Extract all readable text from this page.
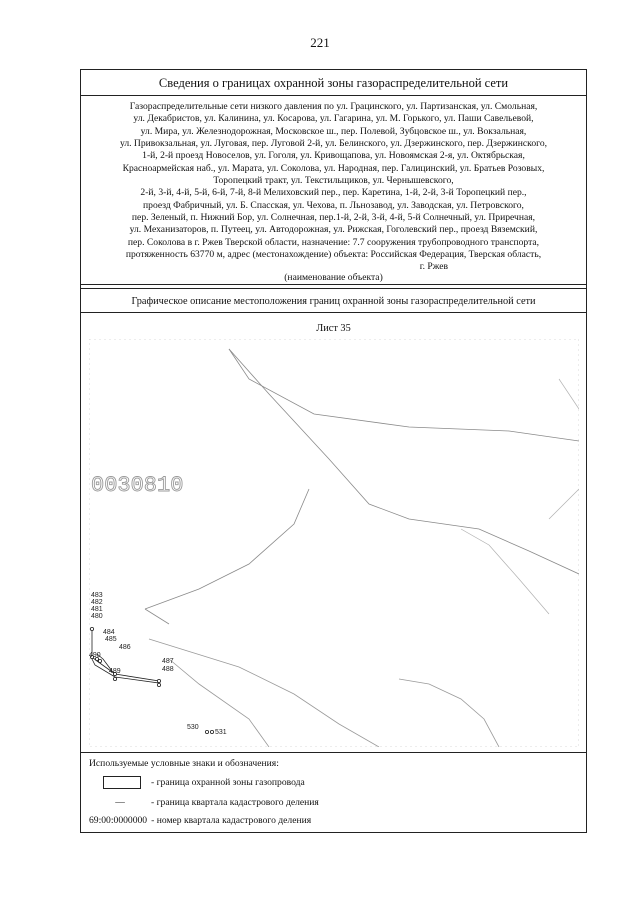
221
Сведения о границах охранной зоны газораспределительной сети
Газораспределительные сети низкого давления по ул. Грацинского, ул. Партизанская, ул. Смольная,
ул. Декабристов, ул. Калинина, ул. Косарова, ул. Гагарина, ул. М. Горького, ул. Паши Савельевой,
ул. Мира, ул. Железнодорожная, Московское ш., пер. Полевой, Зубцовское ш., ул. Вокзальная,
ул. Привокзальная, ул. Луговая, пер. Луговой 2-й, ул. Белинского, ул. Дзержинского, пер. Дзержинского,
1-й, 2-й проезд Новоселов, ул. Гоголя, ул. Кривощапова, ул. Новоямская 2-я, ул. Октябрьская,
Красноармейская наб., ул. Марата, ул. Соколова, ул. Народная, пер. Галицинский, ул. Братьев Розовых,
Торопецкий тракт, ул. Текстильщиков, ул. Чернышевского,
2-й, 3-й, 4-й, 5-й, 6-й, 7-й, 8-й Мелиховский пер., пер. Каретина, 1-й, 2-й, 3-й Торопецкий пер.,
проезд Фабричный, ул. Б. Спасская, ул. Чехова, п. Льнозавод, ул. Заводская, ул. Петровского,
пер. Зеленый, п. Нижний Бор, ул. Солнечная, пер.1-й, 2-й, 3-й, 4-й, 5-й Солнечный, ул. Приречная,
ул. Механизаторов, п. Путеец, ул. Автодорожная, ул. Рижская, Гоголевский пер., проезд Вяземский,
пер. Соколова в г. Ржев Тверской области, назначение: 7.7 сооружения трубопроводного транспорта,
протяженность 63770 м, адрес (местонахождение) объекта: Российская Федерация, Тверская область,
г. Ржев
(наименование объекта)
Графическое описание местоположения границ охранной зоны газораспределительной сети
Лист 35
0030810
483
482
481
480
484
485
486
490
487
488
489
530
531
Используемые условные знаки и обозначения:
- граница охранной зоны газопровода
—	- граница квартала кадастрового деления
69:00:0000000 - номер квартала кадастрового деления
